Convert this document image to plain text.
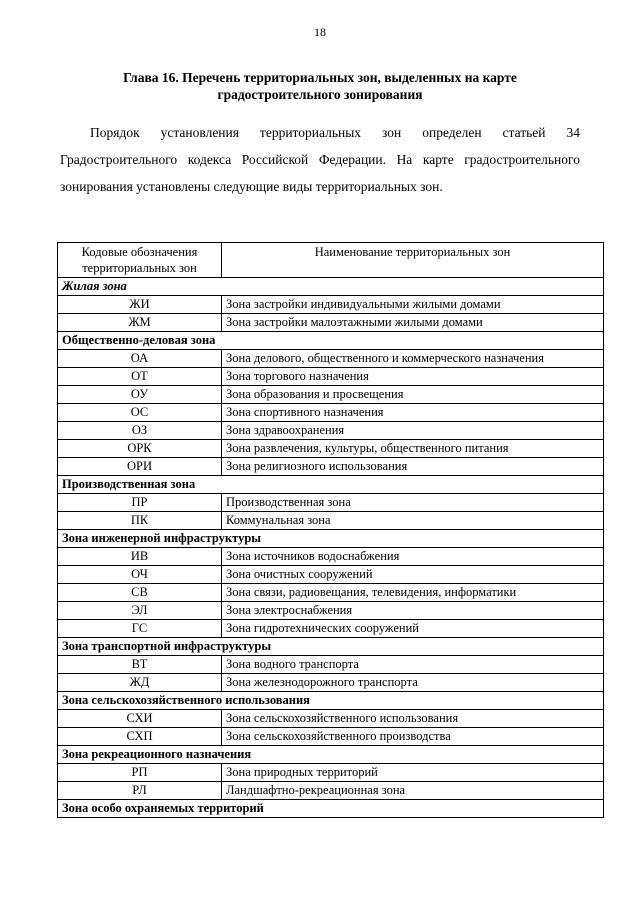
18
Глава 16. Перечень территориальных зон, выделенных на карте градостроительного зонирования
Порядок установления территориальных зон определен статьей 34 Градостроительного кодекса Российской Федерации. На карте градостроительного зонирования установлены следующие виды территориальных зон.
Кодовые обозначения территориальных зон	Наименование территориальных зон
Жилая зона	
ЖИ	Зона застройки индивидуальными жилыми домами
ЖМ	Зона застройки малоэтажными жилыми домами
Общественно-деловая зона	
ОА	Зона делового, общественного и коммерческого назначения
ОТ	Зона торгового назначения
ОУ	Зона образования и просвещения
ОС	Зона спортивного назначения
ОЗ	Зона здравоохранения
ОРК	Зона развлечения, культуры, общественного питания
ОРИ	Зона религиозного использования
Производственная зона	
ПР	Производственная зона
ПК	Коммунальная зона
Зона инженерной инфраструктуры	
ИВ	Зона источников водоснабжения
ОЧ	Зона очистных сооружений
СВ	Зона связи, радиовещания, телевидения, информатики
ЭЛ	Зона электроснабжения
ГС	Зона гидротехнических сооружений
Зона транспортной инфраструктуры	
ВТ	Зона водного транспорта
ЖД	Зона железнодорожного транспорта
Зона сельскохозяйственного использования	
СХИ	Зона сельскохозяйственного использования
СХП	Зона сельскохозяйственного производства
Зона рекреационного назначения	
РП	Зона природных территорий
РЛ	Ландшафтно-рекреационная зона
Зона особо охраняемых территорий	
